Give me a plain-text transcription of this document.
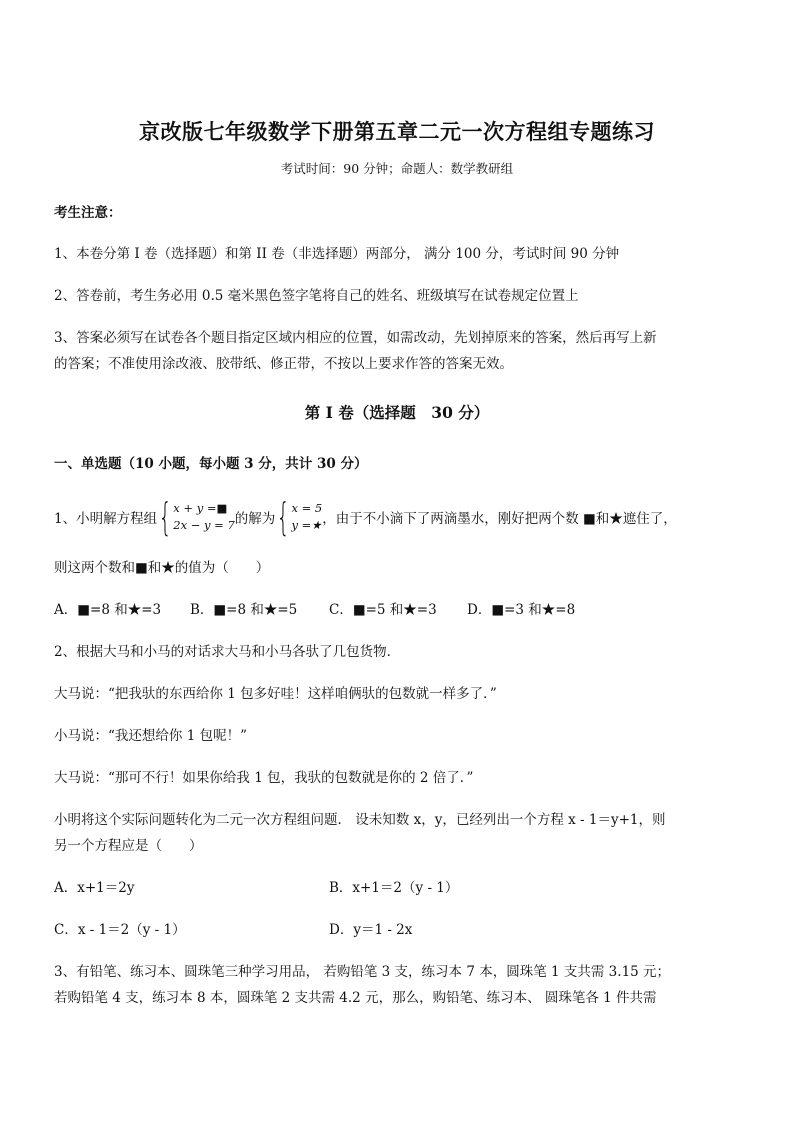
京改版七年级数学下册第五章二元一次方程组专题练习
考试时间：90 分钟；命题人：数学教研组
考生注意：
1、本卷分第 I 卷（选择题）和第 II 卷（非选择题）两部分， 满分 100 分，考试时间 90 分钟
2、答卷前，考生务必用 0.5 毫米黑色签字笔将自己的姓名、班级填写在试卷规定位置上
3、答案必须写在试卷各个题目指定区域内相应的位置，如需改动，先划掉原来的答案，然后再写上新
的答案；不准使用涂改液、胶带纸、修正带，不按以上要求作答的答案无效。
第 I 卷（选择题　30 分）
一、单选题（10 小题，每小题 3 分，共计 30 分）
1、小明解方程组{x + y =■
2x − y = 7的解为{x = 5
y =★，由于不小滴下了两滴墨水，刚好把两个数 ■和★遮住了，
则这两个数和■和★的值为（　　）
A．■=8 和★=3 B．■=8 和★=5 C．■=5 和★=3 D．■=3 和★=8
2、根据大马和小马的对话求大马和小马各驮了几包货物．
大马说：“把我驮的东西给你 1 包多好哇！这样咱俩驮的包数就一样多了．”
小马说：“我还想给你 1 包呢！”
大马说：“那可不行！如果你给我 1 包，我驮的包数就是你的 2 倍了．”
小明将这个实际问题转化为二元一次方程组问题． 设未知数 x，y，已经列出一个方程 x - 1＝y+1，则
另一个方程应是（　　）
A．x+1＝2y	B．x+1＝2（y - 1）
C．x - 1＝2（y - 1）	D．y＝1 - 2x
3、有铅笔、练习本、圆珠笔三种学习用品， 若购铅笔 3 支，练习本 7 本，圆珠笔 1 支共需 3.15 元；
若购铅笔 4 支，练习本 8 本，圆珠笔 2 支共需 4.2 元，那么，购铅笔、练习本、 圆珠笔各 1 件共需
